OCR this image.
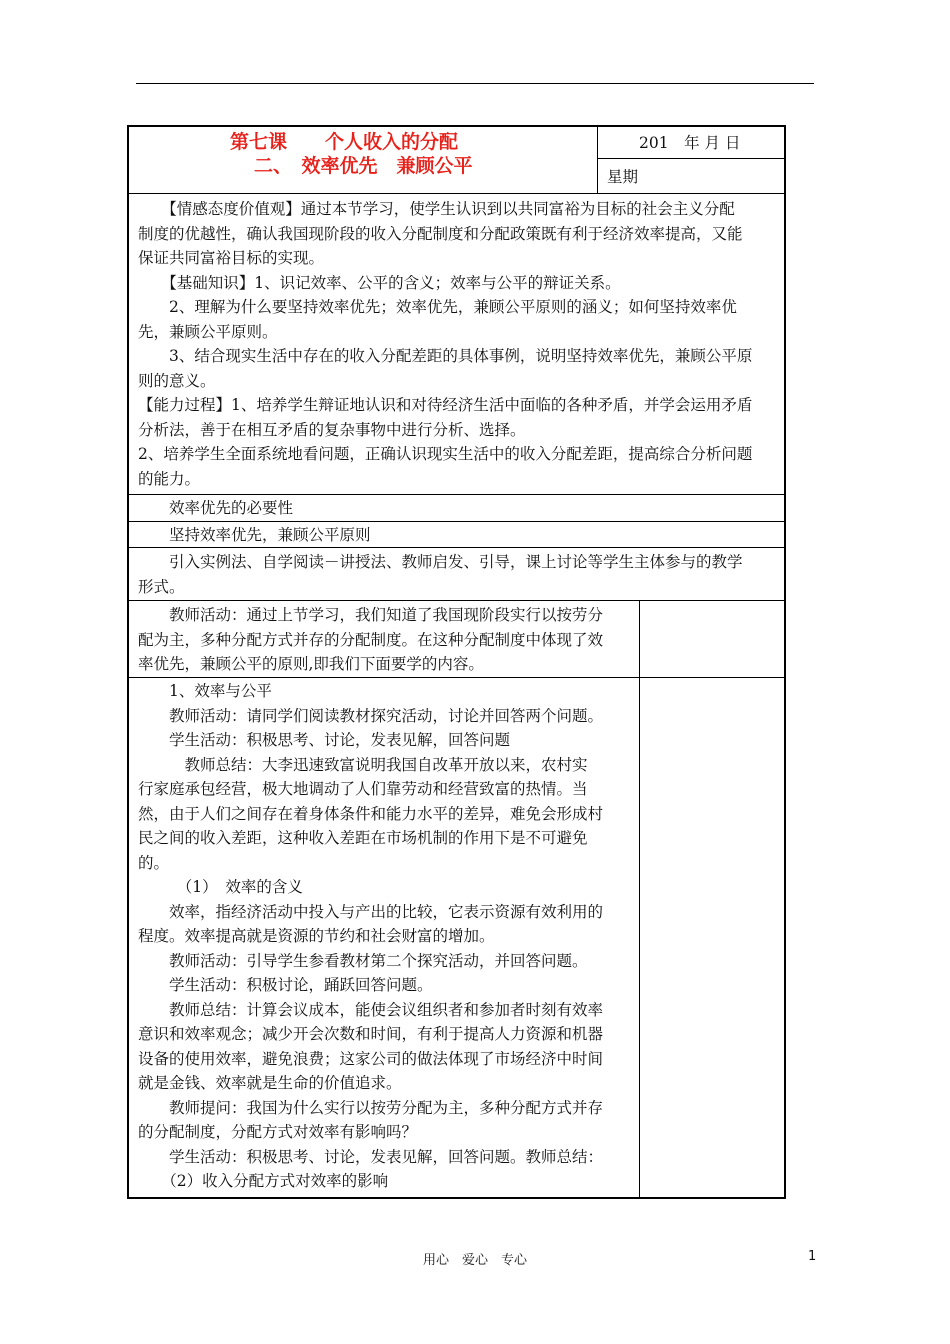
第七课　　个人收入的分配
二、　效率优先　兼顾公平
201　年 月 日
星期
　　【情感态度价值观】通过本节学习，使学生认识到以共同富裕为目标的社会主义分配
制度的优越性，确认我国现阶段的收入分配制度和分配政策既有利于经济效率提高，又能
保证共同富裕目标的实现。
　　【基础知识】1、识记效率、公平的含义；效率与公平的辩证关系。
　　2、理解为什么要坚持效率优先；效率优先，兼顾公平原则的涵义；如何坚持效率优
先，兼顾公平原则。
　　3、结合现实生活中存在的收入分配差距的具体事例，说明坚持效率优先，兼顾公平原
则的意义。
【能力过程】1、培养学生辩证地认识和对待经济生活中面临的各种矛盾，并学会运用矛盾
分析法，善于在相互矛盾的复杂事物中进行分析、选择。
2、培养学生全面系统地看问题，正确认识现实生活中的收入分配差距，提高综合分析问题
的能力。
　　效率优先的必要性
　　坚持效率优先，兼顾公平原则
　　引入实例法、自学阅读－讲授法、教师启发、引导，课上讨论等学生主体参与的教学
形式。
　　教师活动：通过上节学习，我们知道了我国现阶段实行以按劳分
配为主，多种分配方式并存的分配制度。在这种分配制度中体现了效
率优先，兼顾公平的原则,即我们下面要学的内容。
　　1、效率与公平
　　教师活动：请同学们阅读教材探究活动，讨论并回答两个问题。
　　学生活动：积极思考、讨论，发表见解，回答问题
　　　教师总结：大李迅速致富说明我国自改革开放以来，农村实
行家庭承包经营，极大地调动了人们靠劳动和经营致富的热情。当
然，由于人们之间存在着身体条件和能力水平的差异，难免会形成村
民之间的收入差距，这种收入差距在市场机制的作用下是不可避免
的。
　　　（1）　效率的含义
　　效率，指经济活动中投入与产出的比较，它表示资源有效利用的
程度。效率提高就是资源的节约和社会财富的增加。
　　教师活动：引导学生参看教材第二个探究活动，并回答问题。
　　学生活动：积极讨论，踊跃回答问题。
　　教师总结：计算会议成本，能使会议组织者和参加者时刻有效率
意识和效率观念；减少开会次数和时间，有利于提高人力资源和机器
设备的使用效率，避免浪费；这家公司的做法体现了市场经济中时间
就是金钱、效率就是生命的价值追求。
　　教师提问：我国为什么实行以按劳分配为主，多种分配方式并存
的分配制度，分配方式对效率有影响吗？
　　学生活动：积极思考、讨论，发表见解，回答问题。教师总结：
　　（2）收入分配方式对效率的影响
用心　爱心　专心	1
